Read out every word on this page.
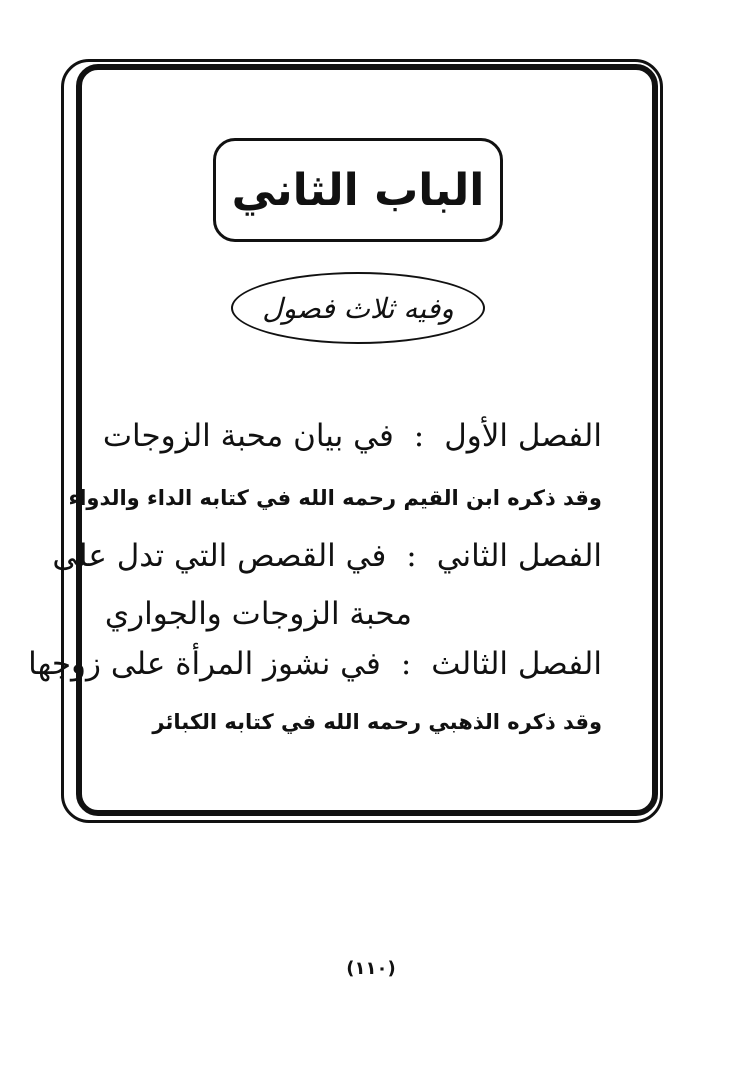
الباب الثاني
وفيه ثلاث فصول
الفصل الأول
:
في بيان محبة الزوجات
وقد ذكره ابن القيم رحمه الله في كتابه الداء والدواء
الفصل الثاني
:
في القصص التي تدل على
محبة الزوجات والجواري
الفصل الثالث
:
في نشوز المرأة على زوجها
وقد ذكره الذهبي رحمه الله في كتابه الكبائر
(١١٠)
